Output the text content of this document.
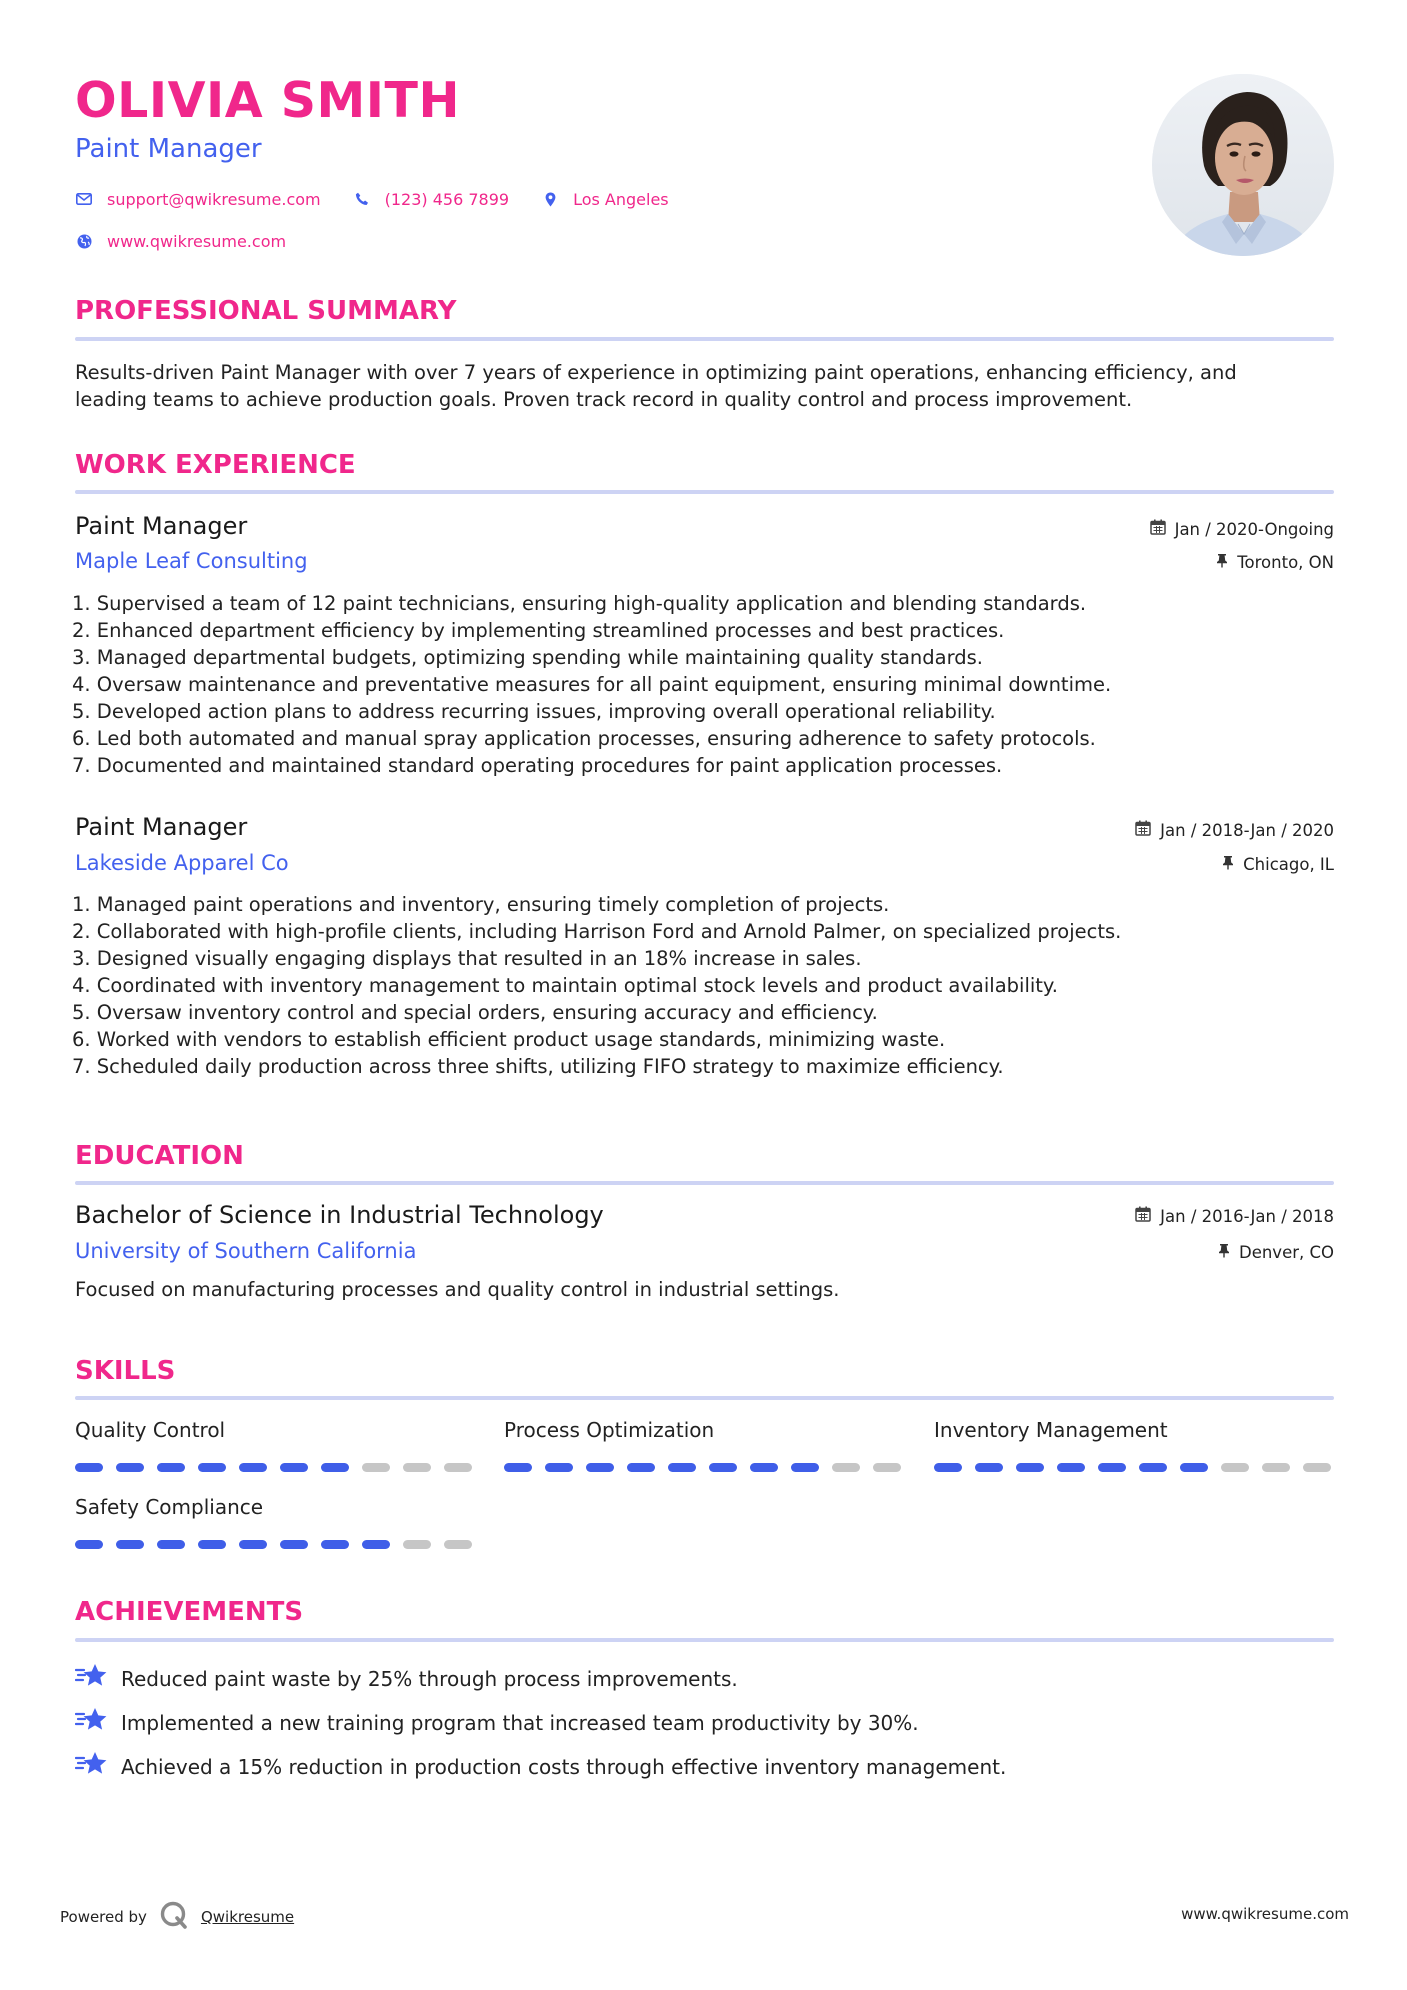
OLIVIA SMITH
Paint Manager
support@qwikresume.com	(123) 456 7899	Los Angeles
www.qwikresume.com
PROFESSIONAL SUMMARY
Results-driven Paint Manager with over 7 years of experience in optimizing paint operations, enhancing efficiency, and
leading teams to achieve production goals. Proven track record in quality control and process improvement.
WORK EXPERIENCE
Paint Manager	Jan / 2020-Ongoing
Maple Leaf Consulting	Toronto, ON
1. Supervised a team of 12 paint technicians, ensuring high-quality application and blending standards.
2. Enhanced department efficiency by implementing streamlined processes and best practices.
3. Managed departmental budgets, optimizing spending while maintaining quality standards.
4. Oversaw maintenance and preventative measures for all paint equipment, ensuring minimal downtime.
5. Developed action plans to address recurring issues, improving overall operational reliability.
6. Led both automated and manual spray application processes, ensuring adherence to safety protocols.
7. Documented and maintained standard operating procedures for paint application processes.
Paint Manager	Jan / 2018-Jan / 2020
Lakeside Apparel Co	Chicago, IL
1. Managed paint operations and inventory, ensuring timely completion of projects.
2. Collaborated with high-profile clients, including Harrison Ford and Arnold Palmer, on specialized projects.
3. Designed visually engaging displays that resulted in an 18% increase in sales.
4. Coordinated with inventory management to maintain optimal stock levels and product availability.
5. Oversaw inventory control and special orders, ensuring accuracy and efficiency.
6. Worked with vendors to establish efficient product usage standards, minimizing waste.
7. Scheduled daily production across three shifts, utilizing FIFO strategy to maximize efficiency.
EDUCATION
Bachelor of Science in Industrial Technology	Jan / 2016-Jan / 2018
University of Southern California	Denver, CO
Focused on manufacturing processes and quality control in industrial settings.
SKILLS
Quality Control	Process Optimization	Inventory Management
Safety Compliance
ACHIEVEMENTS
Reduced paint waste by 25% through process improvements.
Implemented a new training program that increased team productivity by 30%.
Achieved a 15% reduction in production costs through effective inventory management.
Powered by	Qwikresume	www.qwikresume.com
